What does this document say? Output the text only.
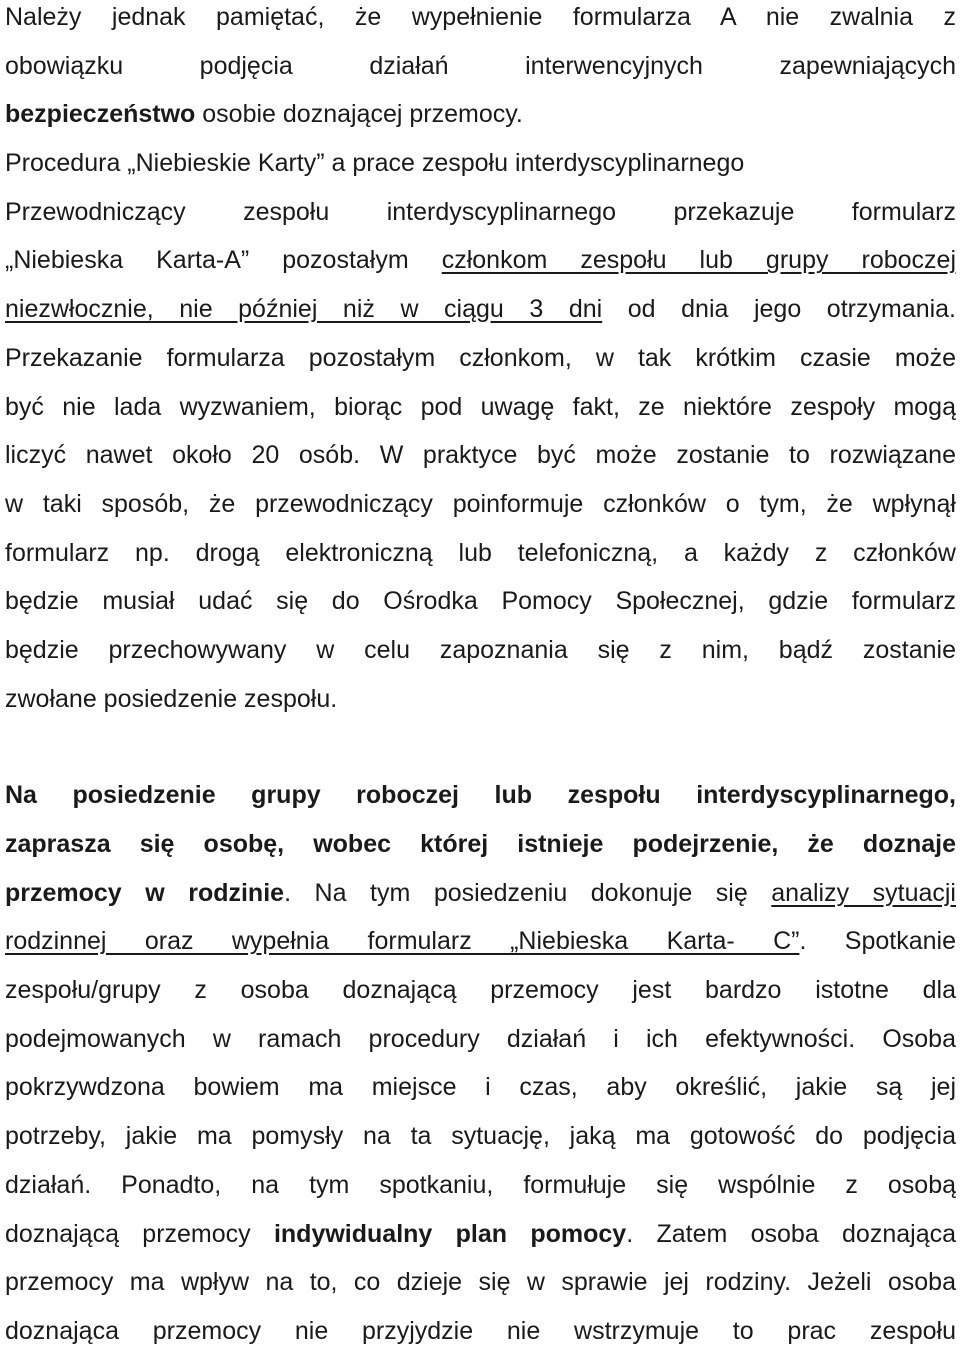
Należy jednak pamiętać, że wypełnienie formularza A nie zwalnia z
obowiązku podjęcia działań interwencyjnych zapewniających
bezpieczeństwo osobie doznającej przemocy.
Procedura „Niebieskie Karty” a prace zespołu interdyscyplinarnego
Przewodniczący zespołu interdyscyplinarnego przekazuje formularz
„Niebieska Karta-A” pozostałym członkom zespołu lub grupy roboczej
niezwłocznie, nie później niż w ciągu 3 dni od dnia jego otrzymania.
Przekazanie formularza pozostałym członkom, w tak krótkim czasie może
być nie lada wyzwaniem, biorąc pod uwagę fakt, ze niektóre zespoły mogą
liczyć nawet około 20 osób. W praktyce być może zostanie to rozwiązane
w taki sposób, że przewodniczący poinformuje członków o tym, że wpłynął
formularz np. drogą elektroniczną lub telefoniczną, a każdy z członków
będzie musiał udać się do Ośrodka Pomocy Społecznej, gdzie formularz
będzie przechowywany w celu zapoznania się z nim, bądź zostanie
zwołane posiedzenie zespołu.
Na posiedzenie grupy roboczej lub zespołu interdyscyplinarnego,
zaprasza się osobę, wobec której istnieje podejrzenie, że doznaje
przemocy w rodzinie. Na tym posiedzeniu dokonuje się analizy sytuacji
rodzinnej oraz wypełnia formularz „Niebieska Karta- C”. Spotkanie
zespołu/grupy z osoba doznającą przemocy jest bardzo istotne dla
podejmowanych w ramach procedury działań i ich efektywności. Osoba
pokrzywdzona bowiem ma miejsce i czas, aby określić, jakie są jej
potrzeby, jakie ma pomysły na ta sytuację, jaką ma gotowość do podjęcia
działań. Ponadto, na tym spotkaniu, formułuje się wspólnie z osobą
doznającą przemocy indywidualny plan pomocy. Zatem osoba doznająca
przemocy ma wpływ na to, co dzieje się w sprawie jej rodziny. Jeżeli osoba
doznająca przemocy nie przyjydzie nie wstrzymuje to prac zespołu
